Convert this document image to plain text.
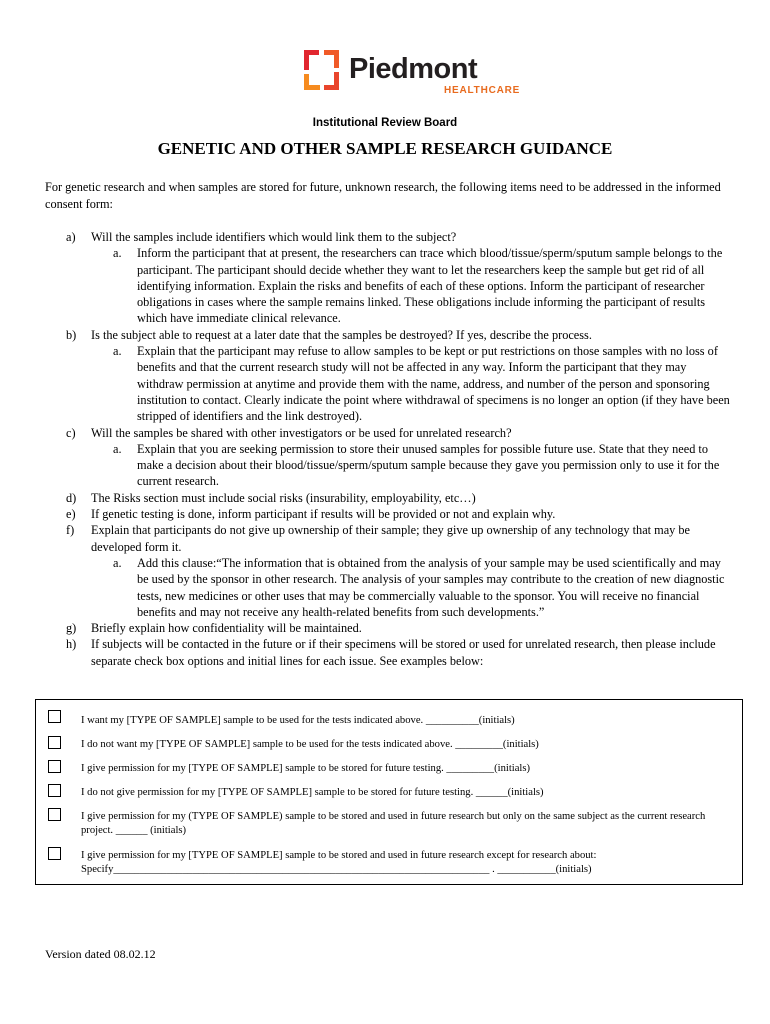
Piedmont
HEALTHCARE
Institutional Review Board
GENETIC AND OTHER SAMPLE RESEARCH GUIDANCE
For genetic research and when samples are stored for future, unknown research, the following items need to be addressed in the informed consent form:
a) Will the samples include identifiers which would link them to the subject?
a. Inform the participant that at present, the researchers can trace which blood/tissue/sperm/sputum sample belongs to the participant. The participant should decide whether they want to let the researchers keep the sample but get rid of all identifying information. Explain the risks and benefits of each of these options. Inform the participant of researcher obligations in cases where the sample remains linked. These obligations include informing the participant of results which have immediate clinical relevance.
b) Is the subject able to request at a later date that the samples be destroyed? If yes, describe the process.
a. Explain that the participant may refuse to allow samples to be kept or put restrictions on those samples with no loss of benefits and that the current research study will not be affected in any way. Inform the participant that they may withdraw permission at anytime and provide them with the name, address, and number of the person and sponsoring institution to contact. Clearly indicate the point where withdrawal of specimens is no longer an option (if they have been stripped of identifiers and the link destroyed).
c) Will the samples be shared with other investigators or be used for unrelated research?
a. Explain that you are seeking permission to store their unused samples for possible future use. State that they need to make a decision about their blood/tissue/sperm/sputum sample because they gave you permission only to use it for the current research.
d) The Risks section must include social risks (insurability, employability, etc…)
e) If genetic testing is done, inform participant if results will be provided or not and explain why.
f) Explain that participants do not give up ownership of their sample; they give up ownership of any technology that may be developed form it.
a. Add this clause:“The information that is obtained from the analysis of your sample may be used scientifically and may be used by the sponsor in other research. The analysis of your samples may contribute to the creation of new diagnostic tests, new medicines or other uses that may be commercially valuable to the sponsor. You will receive no financial benefits and may not receive any health-related benefits from such developments.”
g) Briefly explain how confidentiality will be maintained.
h) If subjects will be contacted in the future or if their specimens will be stored or used for unrelated research, then please include separate check box options and initial lines for each issue. See examples below:
I want my [TYPE OF SAMPLE] sample to be used for the tests indicated above. __________(initials)
I do not want my [TYPE OF SAMPLE] sample to be used for the tests indicated above. _________(initials)
I give permission for my [TYPE OF SAMPLE] sample to be stored for future testing. _________(initials)
I do not give permission for my [TYPE OF SAMPLE] sample to be stored for future testing. ______(initials)
I give permission for my (TYPE OF SAMPLE) sample to be stored and used in future research but only on the same subject as the current research project. ______ (initials)
I give permission for my [TYPE OF SAMPLE] sample to be stored and used in future research except for research about: Specify_______________________________________________________________________ . ___________(initials)
Version dated 08.02.12
